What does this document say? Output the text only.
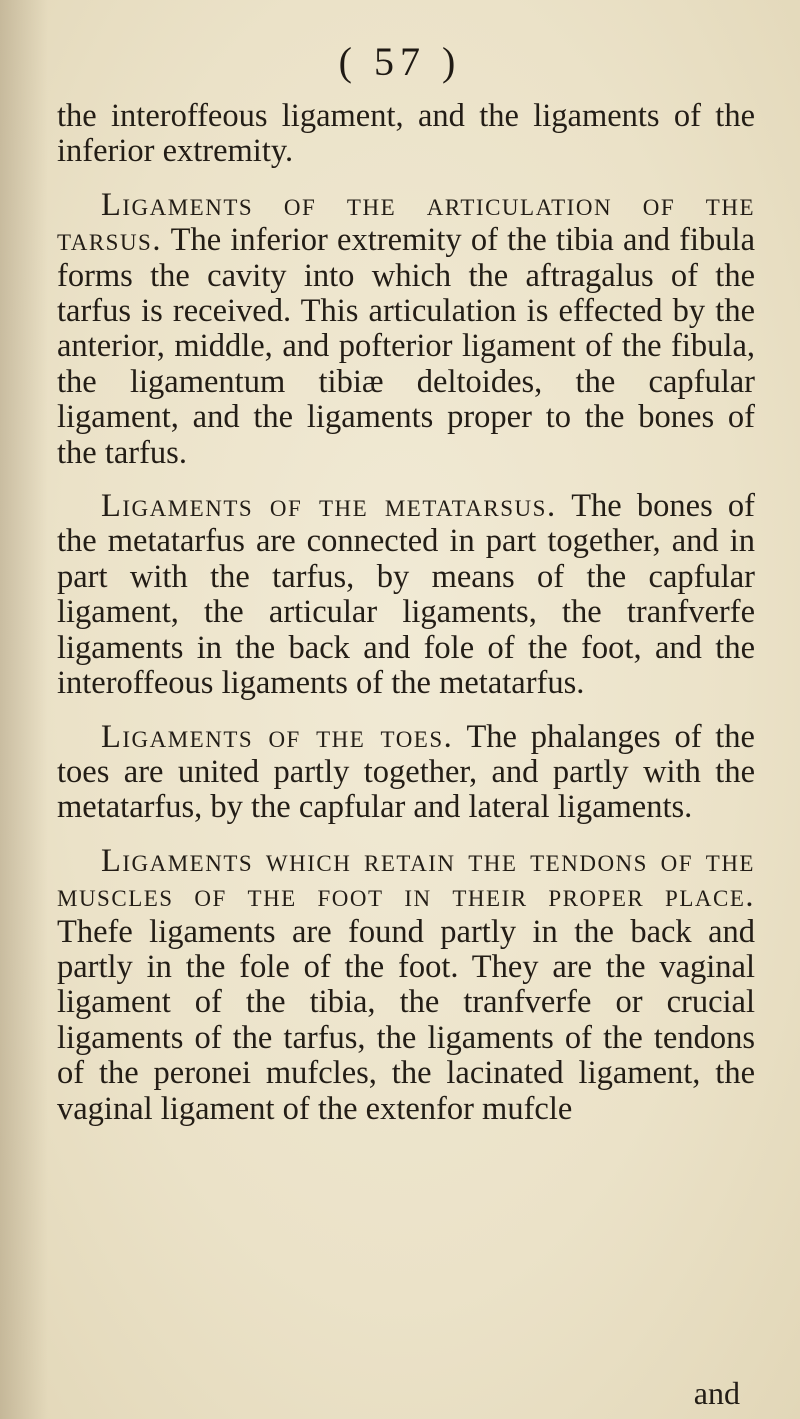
( 57 )

the interoffeous ligament, and the ligaments of the inferior extremity.

Ligaments of the articulation of the tarsus. The inferior extremity of the tibia and fibula forms the cavity into which the aftragalus of the tarfus is received. This articulation is effected by the anterior, middle, and pofterior ligament of the fibula, the ligamentum tibiæ deltoides, the capfular ligament, and the ligaments proper to the bones of the tarfus.

Ligaments of the metatarsus. The bones of the metatarfus are connected in part together, and in part with the tarfus, by means of the capfular ligament, the articular ligaments, the tranfverfe ligaments in the back and fole of the foot, and the interoffeous ligaments of the metatarfus.

Ligaments of the toes. The phalanges of the toes are united partly together, and partly with the metatarfus, by the capfular and lateral ligaments.

Ligaments which retain the tendons of the muscles of the foot in their proper place. Thefe ligaments are found partly in the back and partly in the fole of the foot. They are the vaginal ligament of the tibia, the tranfverfe or crucial ligaments of the tarfus, the ligaments of the tendons of the peronei mufcles, the lacinated ligament, the vaginal ligament of the extenfor mufcle

and
